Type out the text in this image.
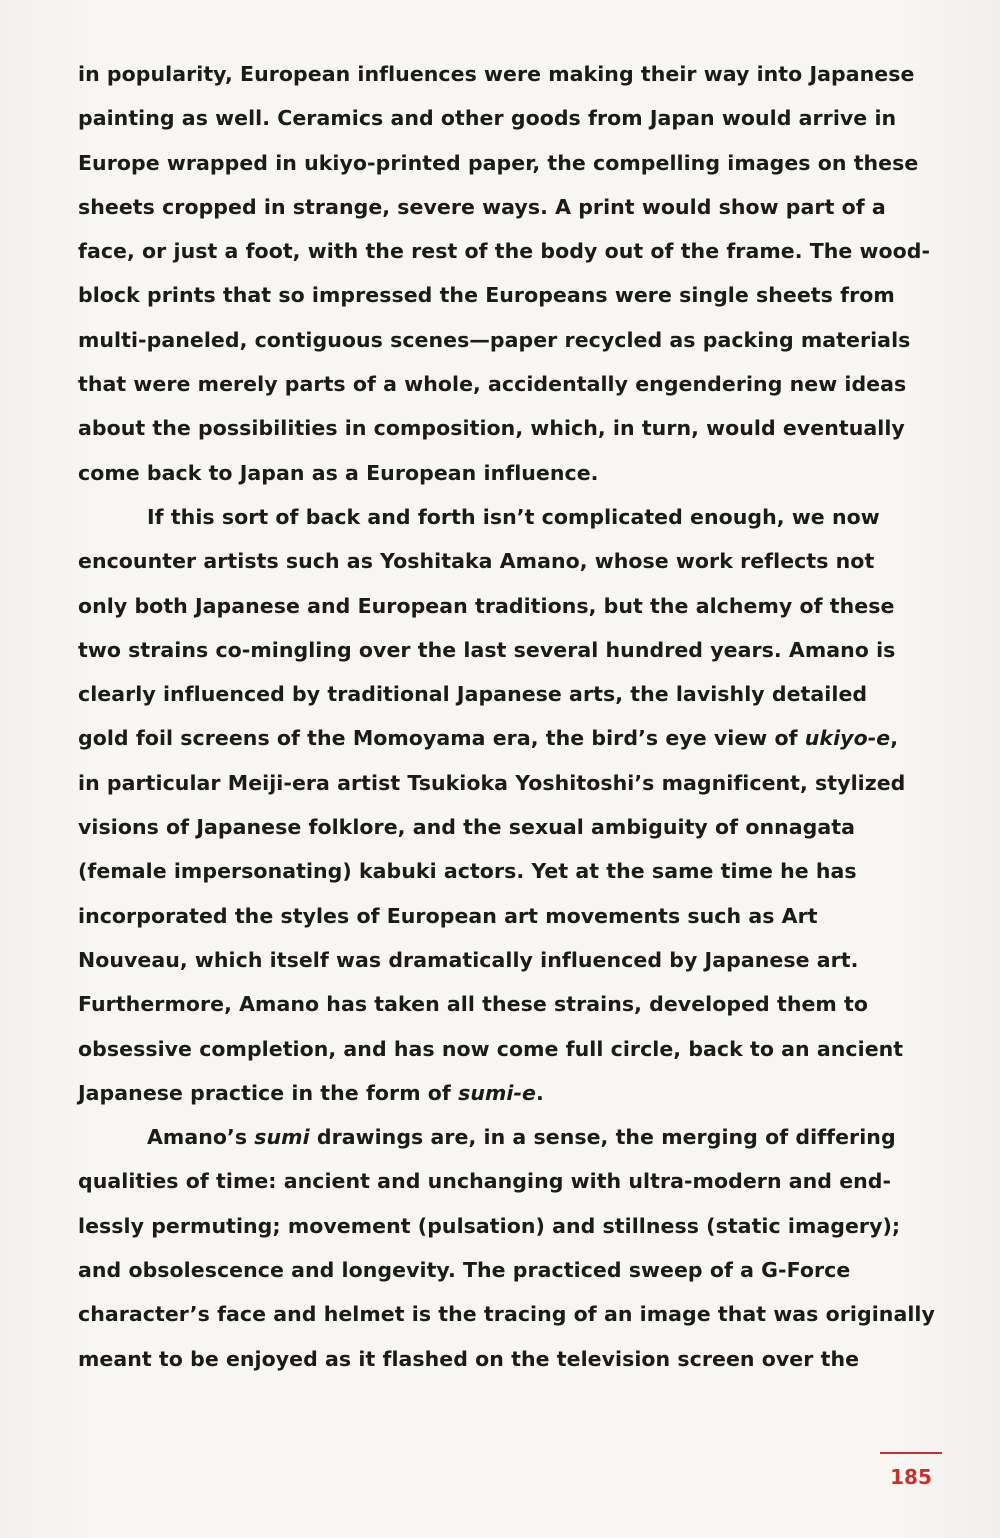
in popularity, European influences were making their way into Japanese
painting as well. Ceramics and other goods from Japan would arrive in
Europe wrapped in ukiyo-printed paper, the compelling images on these
sheets cropped in strange, severe ways. A print would show part of a
face, or just a foot, with the rest of the body out of the frame. The wood-
block prints that so impressed the Europeans were single sheets from
multi-paneled, contiguous scenes—paper recycled as packing materials
that were merely parts of a whole, accidentally engendering new ideas
about the possibilities in composition, which, in turn, would eventually
come back to Japan as a European influence.
If this sort of back and forth isn’t complicated enough, we now
encounter artists such as Yoshitaka Amano, whose work reflects not
only both Japanese and European traditions, but the alchemy of these
two strains co-mingling over the last several hundred years. Amano is
clearly influenced by traditional Japanese arts, the lavishly detailed
gold foil screens of the Momoyama era, the bird’s eye view of ukiyo-e,
in particular Meiji-era artist Tsukioka Yoshitoshi’s magnificent, stylized
visions of Japanese folklore, and the sexual ambiguity of onnagata
(female impersonating) kabuki actors. Yet at the same time he has
incorporated the styles of European art movements such as Art
Nouveau, which itself was dramatically influenced by Japanese art.
Furthermore, Amano has taken all these strains, developed them to
obsessive completion, and has now come full circle, back to an ancient
Japanese practice in the form of sumi-e.
Amano’s sumi drawings are, in a sense, the merging of differing
qualities of time: ancient and unchanging with ultra-modern and end-
lessly permuting; movement (pulsation) and stillness (static imagery);
and obsolescence and longevity. The practiced sweep of a G-Force
character’s face and helmet is the tracing of an image that was originally
meant to be enjoyed as it flashed on the television screen over the
185
